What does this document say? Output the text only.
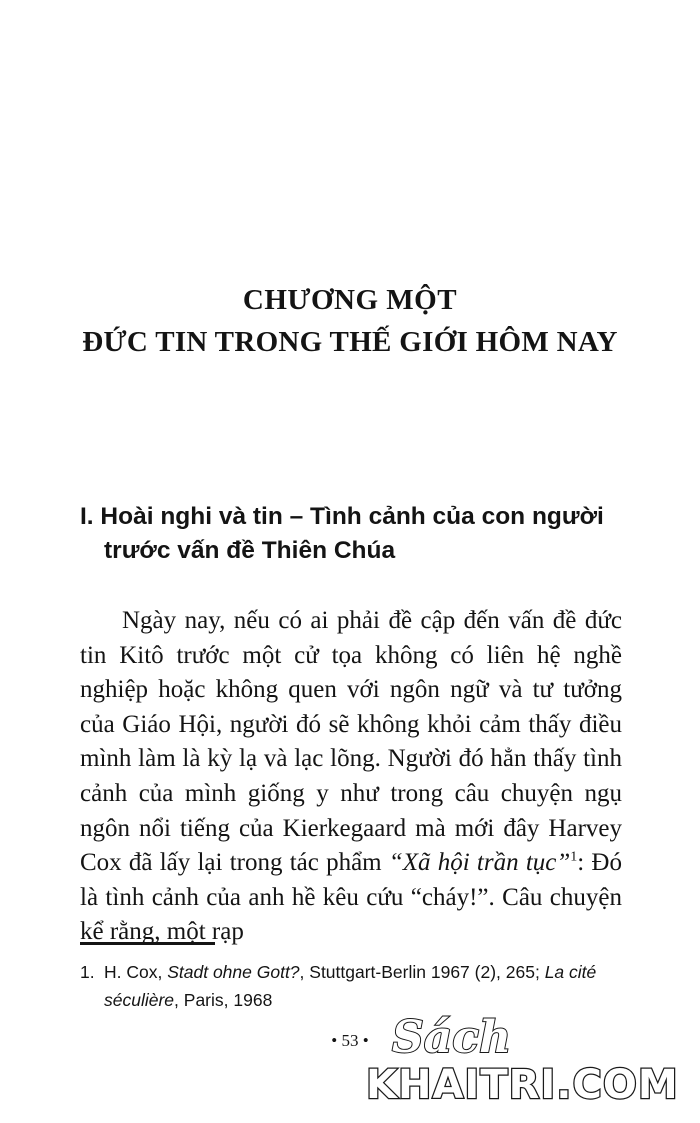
CHƯƠNG MỘT
ĐỨC TIN TRONG THẾ GIỚI HÔM NAY
I. Hoài nghi và tin – Tình cảnh của con người
trước vấn đề Thiên Chúa

Ngày nay, nếu có ai phải đề cập đến vấn đề đức tin Kitô trước một cử tọa không có liên hệ nghề nghiệp hoặc không quen với ngôn ngữ và tư tưởng của Giáo Hội, người đó sẽ không khỏi cảm thấy điều mình làm là kỳ lạ và lạc lõng. Người đó hẳn thấy tình cảnh của mình giống y như trong câu chuyện ngụ ngôn nổi tiếng của Kierkegaard mà mới đây Harvey Cox đã lấy lại trong tác phẩm “Xã hội trần tục”$^1$: Đó là tình cảnh của anh hề kêu cứu “cháy!”. Câu chuyện kể rằng, một rạp

1. H. Cox, Stadt ohne Gott?, Stuttgart-Berlin 1967 (2), 265; La cité séculière, Paris, 1968
• 53 • Sách
KHAITRI.COM
